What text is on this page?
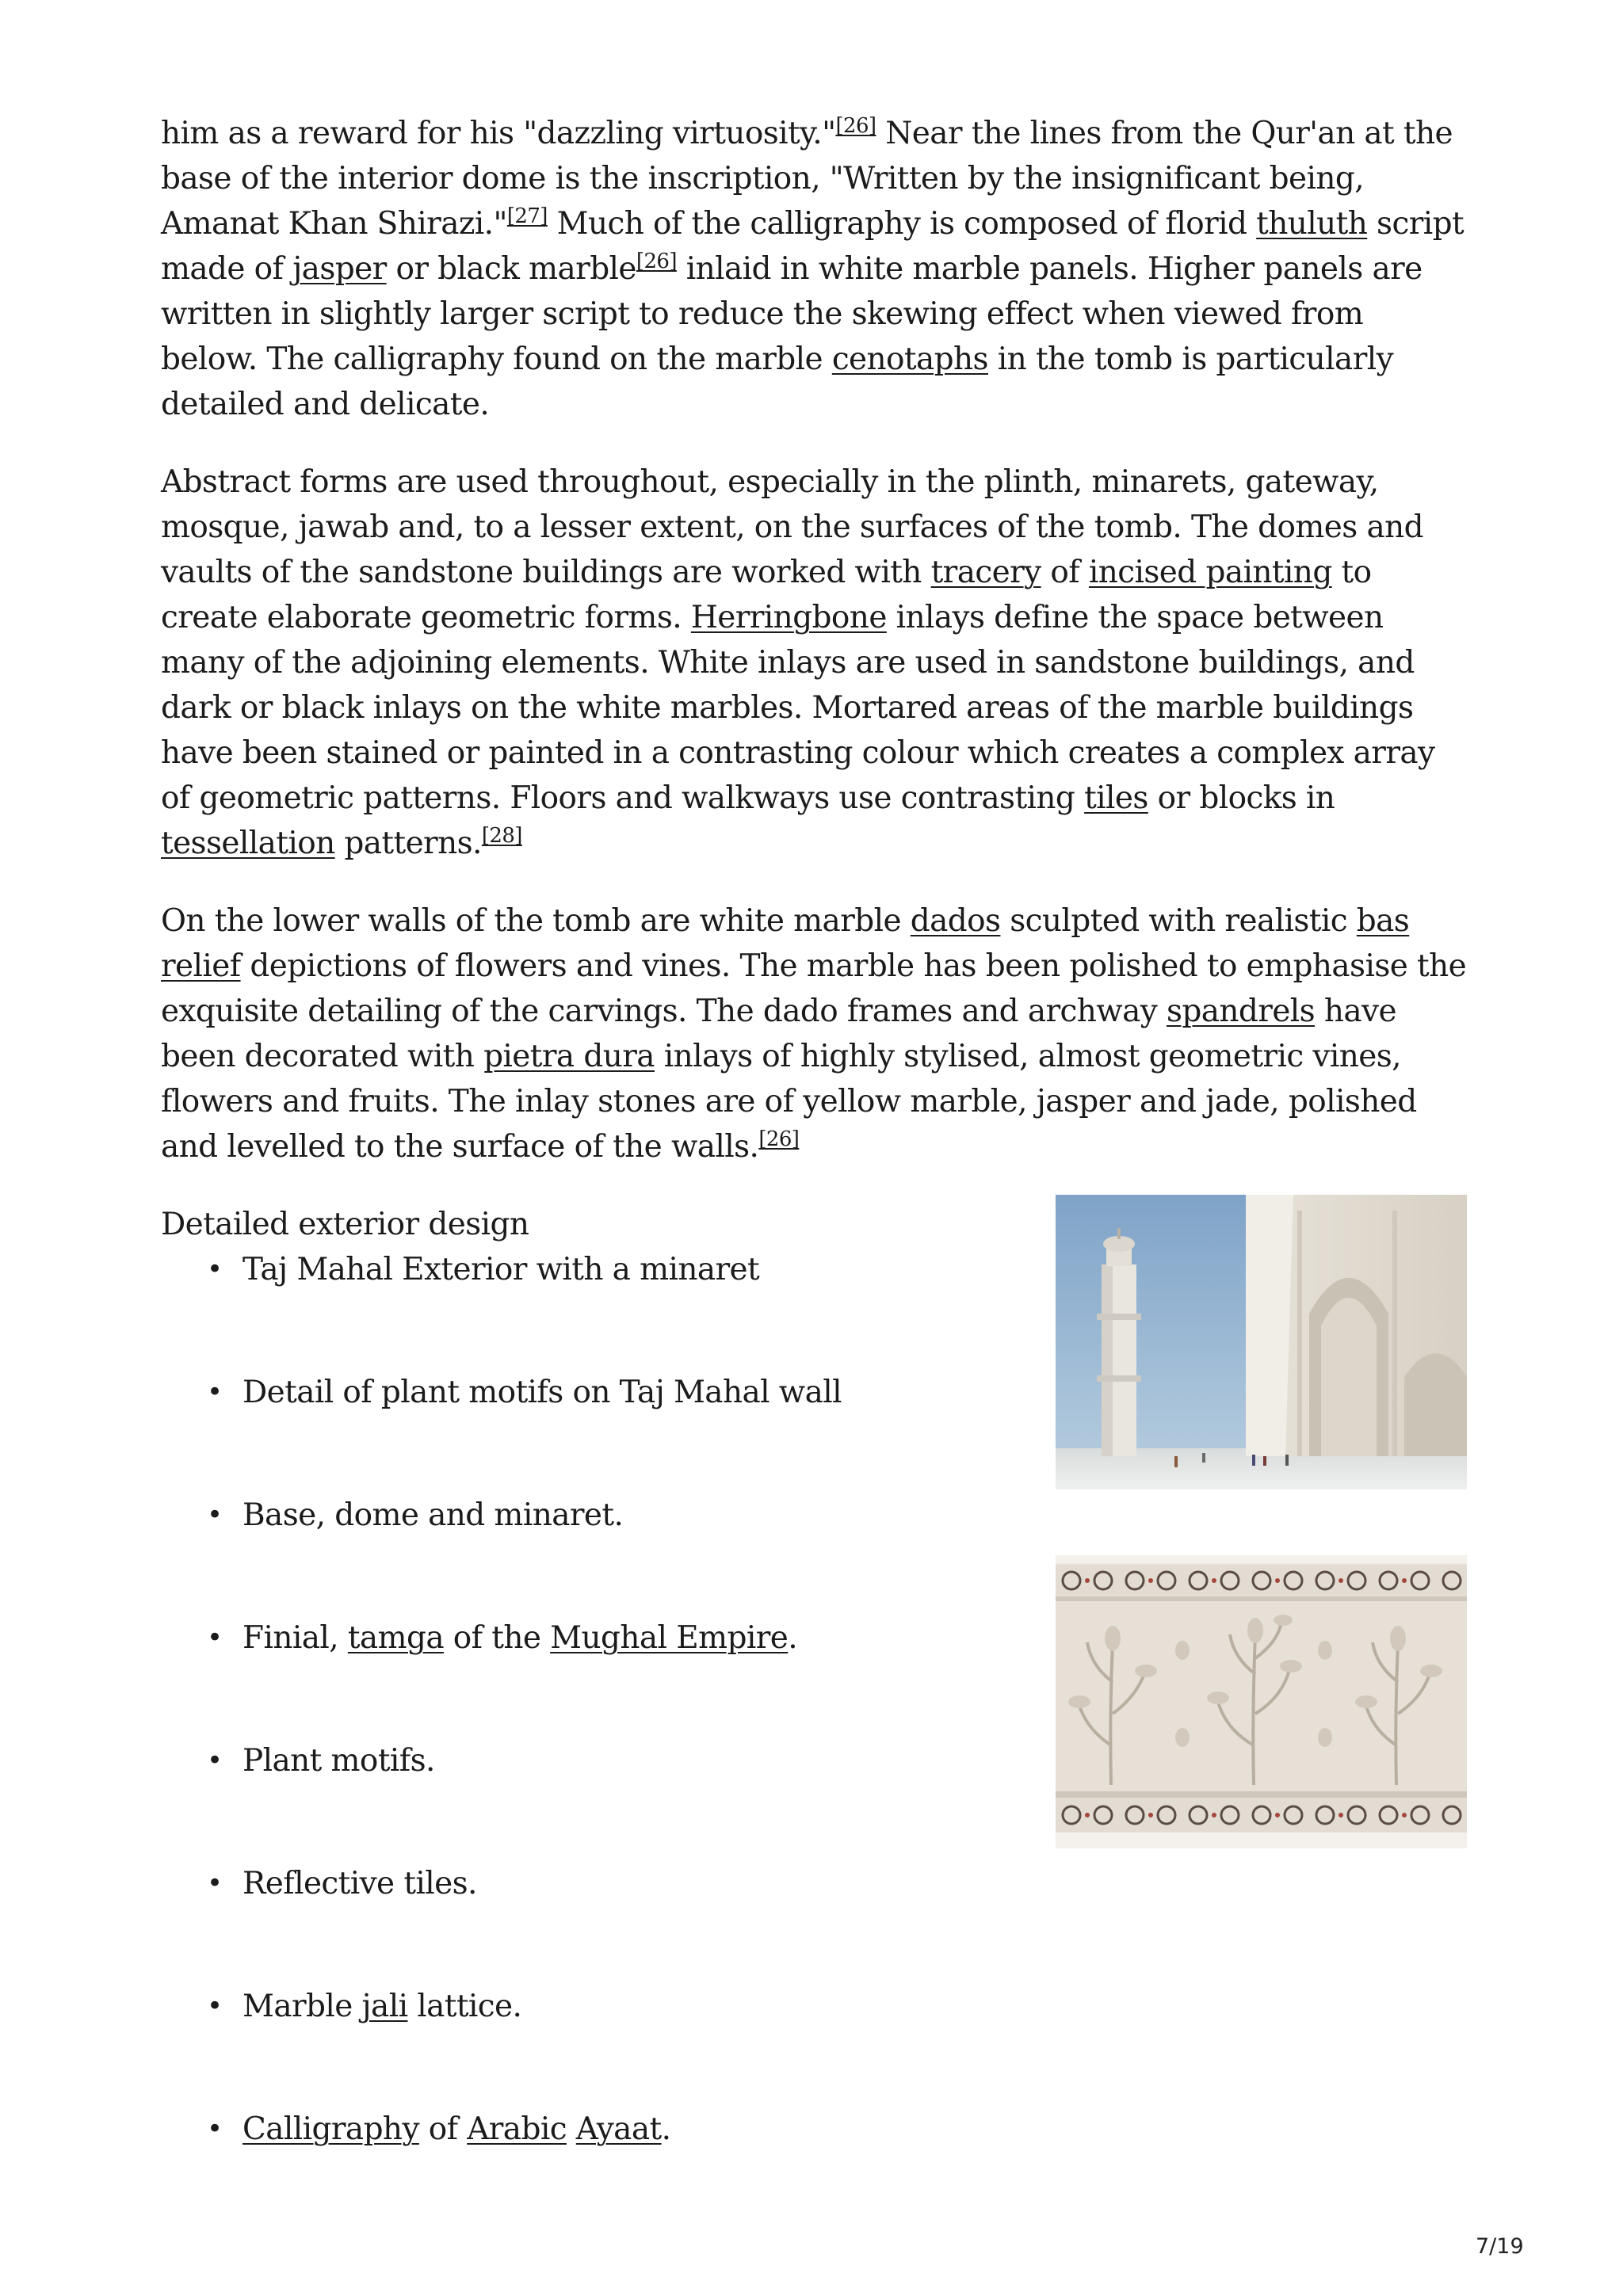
him as a reward for his "dazzling virtuosity."[26] Near the lines from the Qur'an at the base of the interior dome is the inscription, "Written by the insignificant being, Amanat Khan Shirazi."[27] Much of the calligraphy is composed of florid thuluth script made of jasper or black marble[26] inlaid in white marble panels. Higher panels are written in slightly larger script to reduce the skewing effect when viewed from below. The calligraphy found on the marble cenotaphs in the tomb is particularly detailed and delicate.

Abstract forms are used throughout, especially in the plinth, minarets, gateway, mosque, jawab and, to a lesser extent, on the surfaces of the tomb. The domes and vaults of the sandstone buildings are worked with tracery of incised painting to create elaborate geometric forms. Herringbone inlays define the space between many of the adjoining elements. White inlays are used in sandstone buildings, and dark or black inlays on the white marbles. Mortared areas of the marble buildings have been stained or painted in a contrasting colour which creates a complex array of geometric patterns. Floors and walkways use contrasting tiles or blocks in tessellation patterns.[28]

On the lower walls of the tomb are white marble dados sculpted with realistic bas relief depictions of flowers and vines. The marble has been polished to emphasise the exquisite detailing of the carvings. The dado frames and archway spandrels have been decorated with pietra dura inlays of highly stylised, almost geometric vines, flowers and fruits. The inlay stones are of yellow marble, jasper and jade, polished and levelled to the surface of the walls.[26]

Detailed exterior design
• Taj Mahal Exterior with a minaret
• Detail of plant motifs on Taj Mahal wall
• Base, dome and minaret.
• Finial, tamga of the Mughal Empire.
• Plant motifs.
• Reflective tiles.
• Marble jali lattice.
• Calligraphy of Arabic Ayaat.
7/19
